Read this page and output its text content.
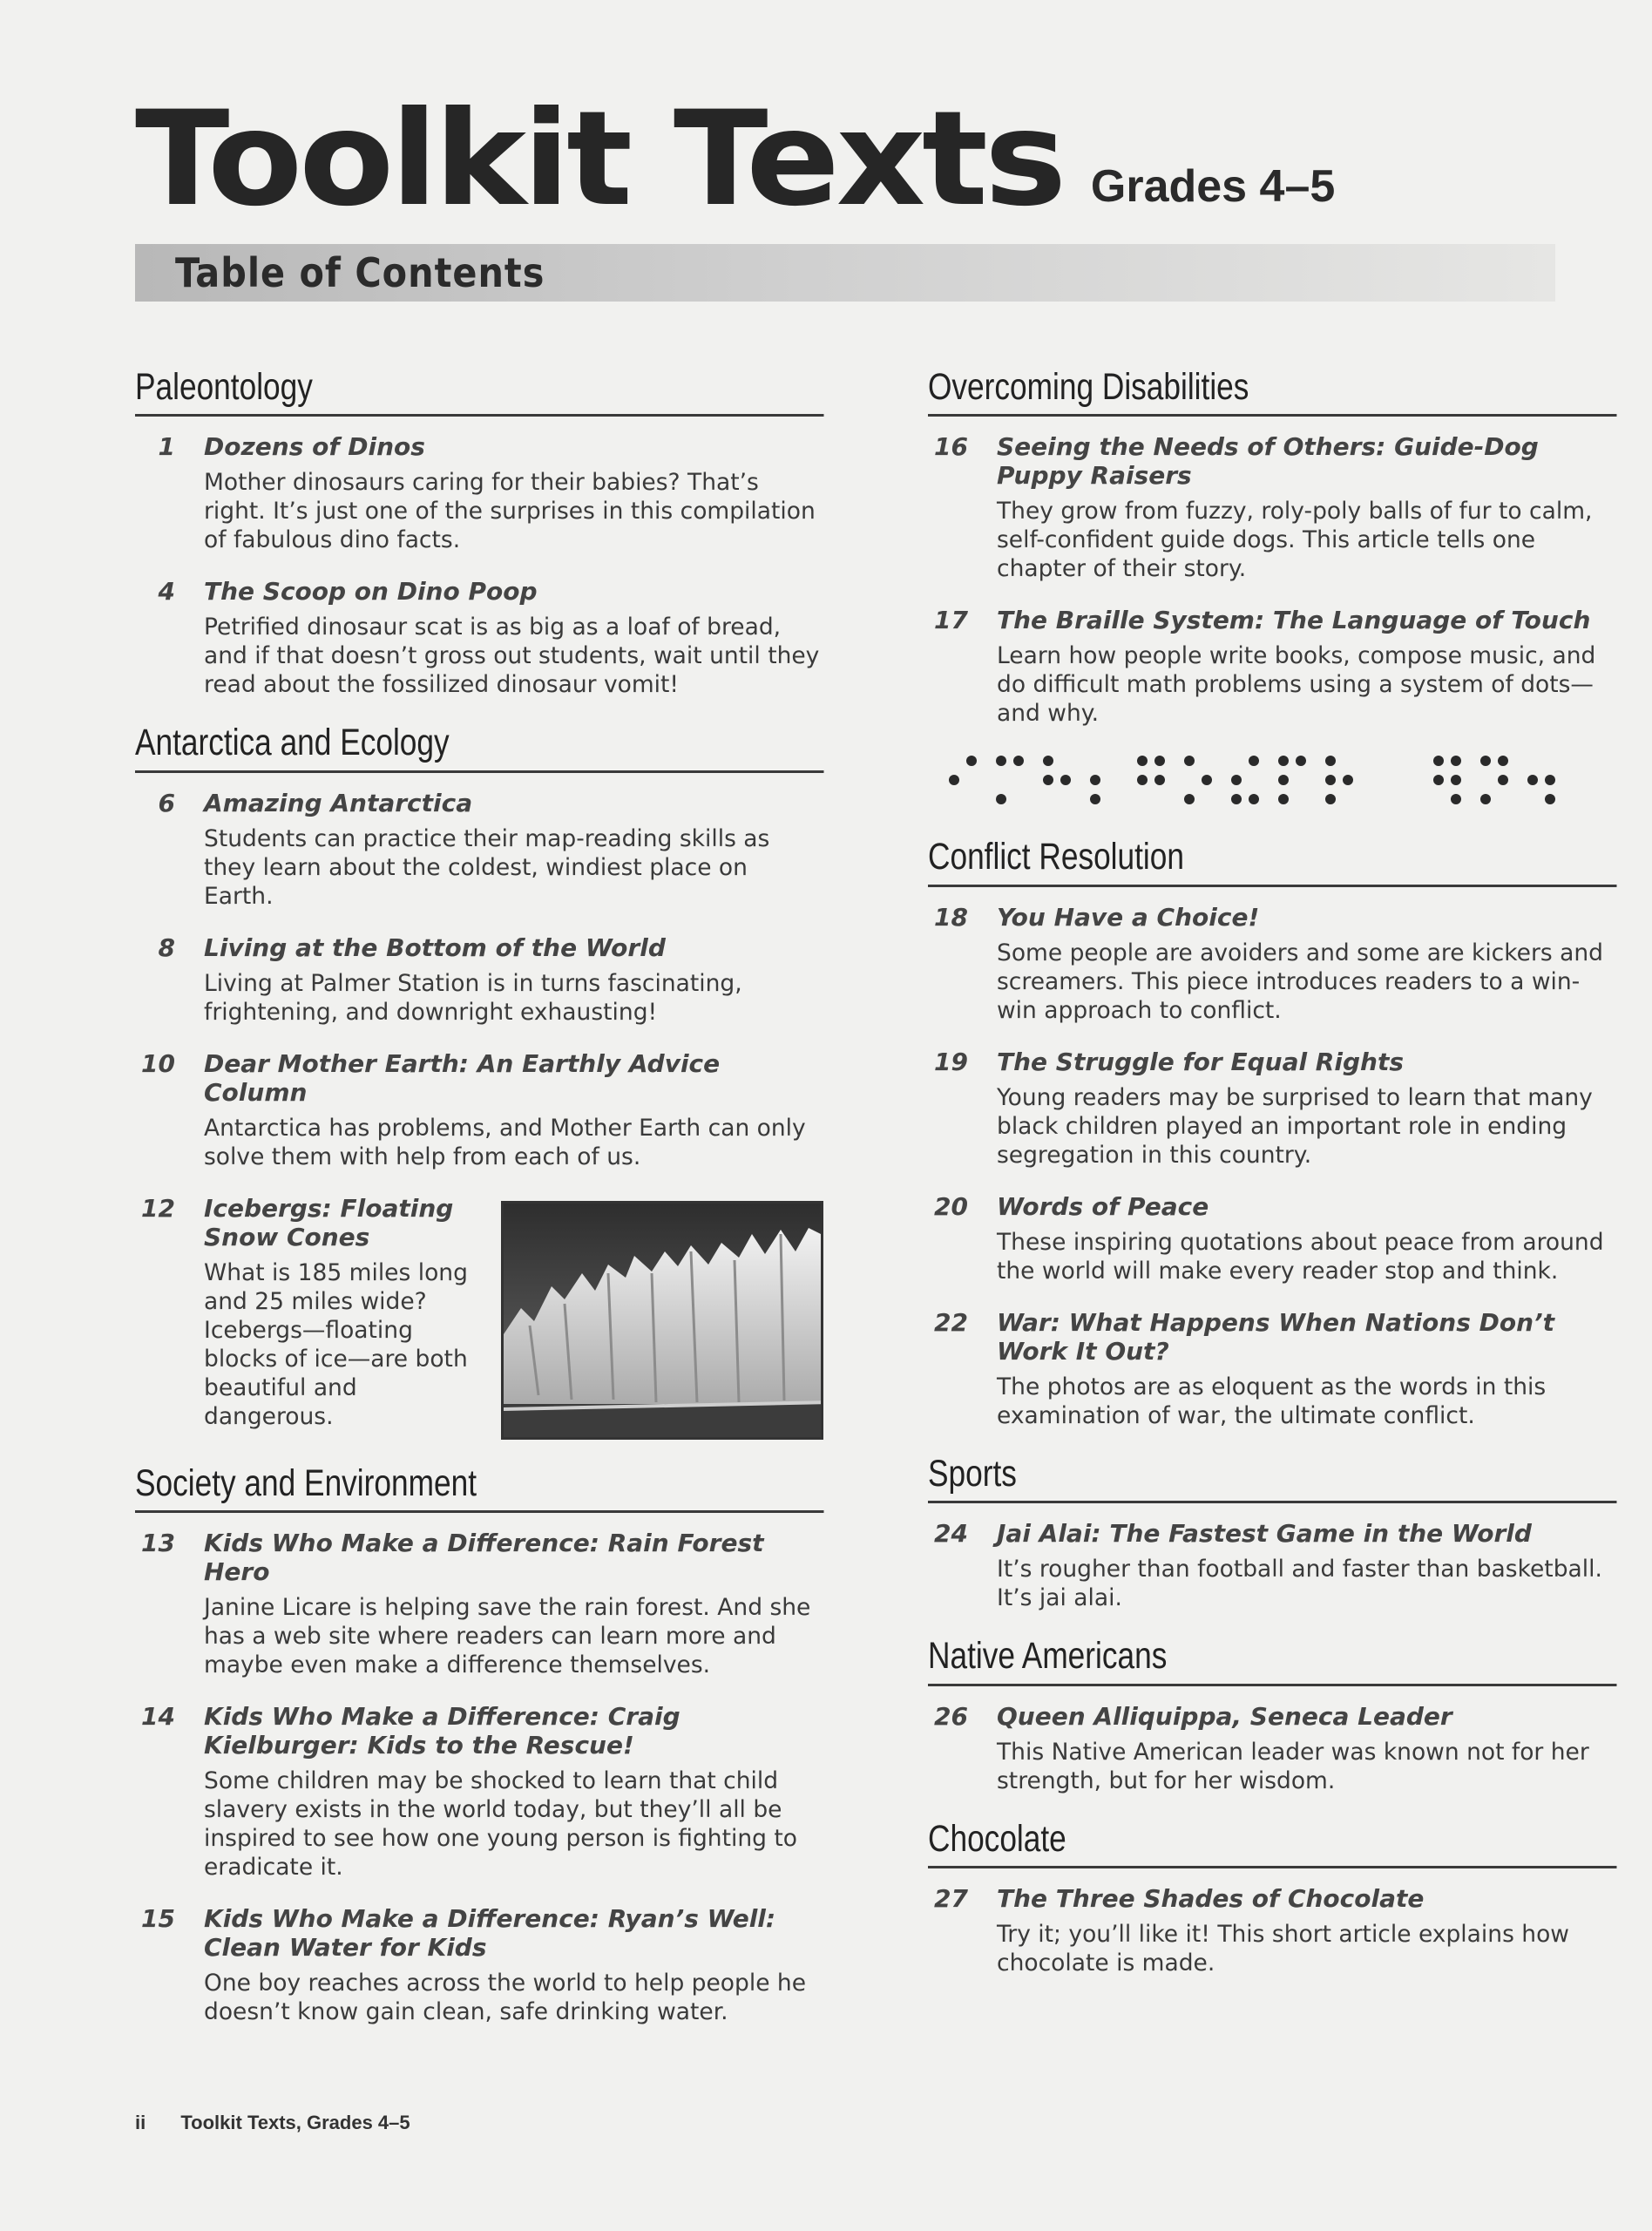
Toolkit Texts Grades 4–5
Table of Contents
Paleontology
1 Dozens of Dinos
Mother dinosaurs caring for their babies? That’s right. It’s just one of the surprises in this compilation of fabulous dino facts.
4 The Scoop on Dino Poop
Petrified dinosaur scat is as big as a loaf of bread, and if that doesn’t gross out students, wait until they read about the fossilized dinosaur vomit!
Antarctica and Ecology
6 Amazing Antarctica
Students can practice their map-reading skills as they learn about the coldest, windiest place on Earth.
8 Living at the Bottom of the World
Living at Palmer Station is in turns fascinating, frightening, and downright exhausting!
10 Dear Mother Earth: An Earthly Advice Column
Antarctica has problems, and Mother Earth can only solve them with help from each of us.
12 Icebergs: Floating Snow Cones
What is 185 miles long and 25 miles wide? Icebergs—floating blocks of ice—are both beautiful and dangerous.
Society and Environment
13 Kids Who Make a Difference: Rain Forest Hero
Janine Licare is helping save the rain forest. And she has a web site where readers can learn more and maybe even make a difference themselves.
14 Kids Who Make a Difference: Craig Kielburger: Kids to the Rescue!
Some children may be shocked to learn that child slavery exists in the world today, but they’ll all be inspired to see how one young person is fighting to eradicate it.
15 Kids Who Make a Difference: Ryan’s Well: Clean Water for Kids
One boy reaches across the world to help people he doesn’t know gain clean, safe drinking water.
Overcoming Disabilities
16 Seeing the Needs of Others: Guide-Dog Puppy Raisers
They grow from fuzzy, roly-poly balls of fur to calm, self-confident guide dogs. This article tells one chapter of their story.
17 The Braille System: The Language of Touch
Learn how people write books, compose music, and do difficult math problems using a system of dots—and why.
Conflict Resolution
18 You Have a Choice!
Some people are avoiders and some are kickers and screamers. This piece introduces readers to a win-win approach to conflict.
19 The Struggle for Equal Rights
Young readers may be surprised to learn that many black children played an important role in ending segregation in this country.
20 Words of Peace
These inspiring quotations about peace from around the world will make every reader stop and think.
22 War: What Happens When Nations Don’t Work It Out?
The photos are as eloquent as the words in this examination of war, the ultimate conflict.
Sports
24 Jai Alai: The Fastest Game in the World
It’s rougher than football and faster than basketball. It’s jai alai.
Native Americans
26 Queen Alliquippa, Seneca Leader
This Native American leader was known not for her strength, but for her wisdom.
Chocolate
27 The Three Shades of Chocolate
Try it; you’ll like it! This short article explains how chocolate is made.
ii Toolkit Texts, Grades 4–5
